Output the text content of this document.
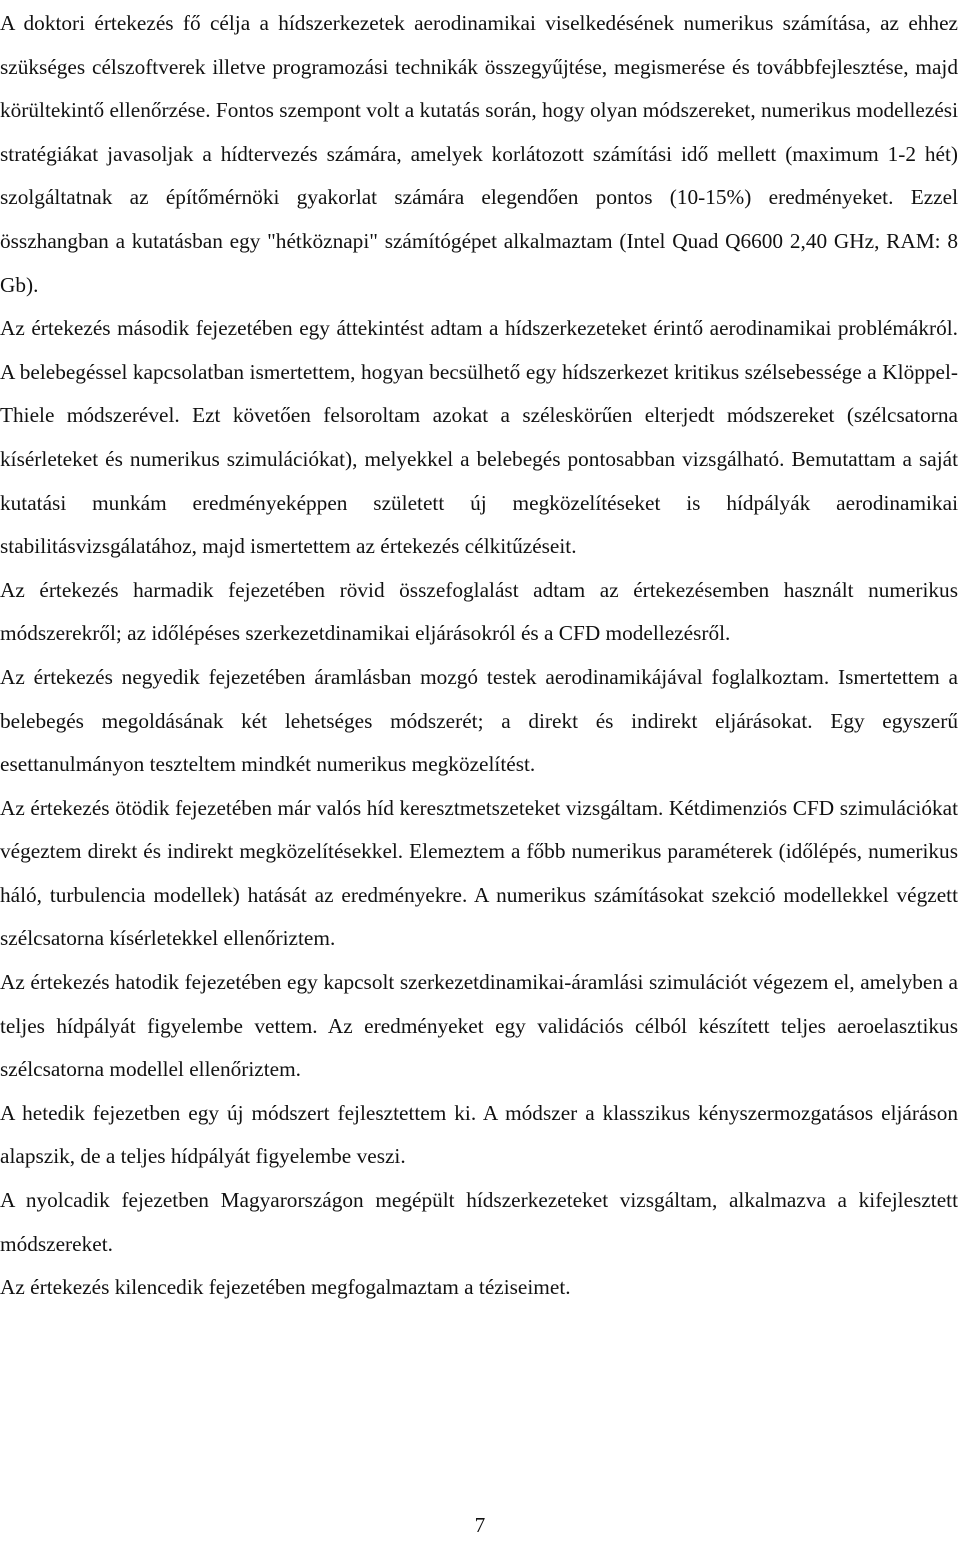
A doktori értekezés fő célja a hídszerkezetek aerodinamikai viselkedésének numerikus számítása, az ehhez szükséges célszoftverek illetve programozási technikák összegyűjtése, megismerése és továbbfejlesztése, majd körültekintő ellenőrzése. Fontos szempont volt a kutatás során, hogy olyan módszereket, numerikus modellezési stratégiákat javasoljak a hídtervezés számára, amelyek korlátozott számítási idő mellett (maximum 1-2 hét) szolgáltatnak az építőmérnöki gyakorlat számára elegendően pontos (10-15%) eredményeket. Ezzel összhangban a kutatásban egy "hétköznapi" számítógépet alkalmaztam (Intel Quad Q6600 2,40 GHz, RAM: 8 Gb).

Az értekezés második fejezetében egy áttekintést adtam a hídszerkezeteket érintő aerodinamikai problémákról. A belebegéssel kapcsolatban ismertettem, hogyan becsülhető egy hídszerkezet kritikus szélsebessége a Klöppel-Thiele módszerével. Ezt követően felsoroltam azokat a széleskörűen elterjedt módszereket (szélcsatorna kísérleteket és numerikus szimulációkat), melyekkel a belebegés pontosabban vizsgálható. Bemutattam a saját kutatási munkám eredményeképpen született új megközelítéseket is hídpályák aerodinamikai stabilitásvizsgálatához, majd ismertettem az értekezés célkitűzéseit.

Az értekezés harmadik fejezetében rövid összefoglalást adtam az értekezésemben használt numerikus módszerekről; az időlépéses szerkezetdinamikai eljárásokról és a CFD modellezésről.

Az értekezés negyedik fejezetében áramlásban mozgó testek aerodinamikájával foglalkoztam. Ismertettem a belebegés megoldásának két lehetséges módszerét; a direkt és indirekt eljárásokat. Egy egyszerű esettanulmányon teszteltem mindkét numerikus megközelítést.

Az értekezés ötödik fejezetében már valós híd keresztmetszeteket vizsgáltam. Kétdimenziós CFD szimulációkat végeztem direkt és indirekt megközelítésekkel. Elemeztem a főbb numerikus paraméterek (időlépés, numerikus háló, turbulencia modellek) hatását az eredményekre. A numerikus számításokat szekció modellekkel végzett szélcsatorna kísérletekkel ellenőriztem.

Az értekezés hatodik fejezetében egy kapcsolt szerkezetdinamikai-áramlási szimulációt végezem el, amelyben a teljes hídpályát figyelembe vettem. Az eredményeket egy validációs célból készített teljes aeroelasztikus szélcsatorna modellel ellenőriztem.

A hetedik fejezetben egy új módszert fejlesztettem ki. A módszer a klasszikus kényszermozgatásos eljáráson alapszik, de a teljes hídpályát figyelembe veszi.

A nyolcadik fejezetben Magyarországon megépült hídszerkezeteket vizsgáltam, alkalmazva a kifejlesztett módszereket.

Az értekezés kilencedik fejezetében megfogalmaztam a téziseimet.

7
